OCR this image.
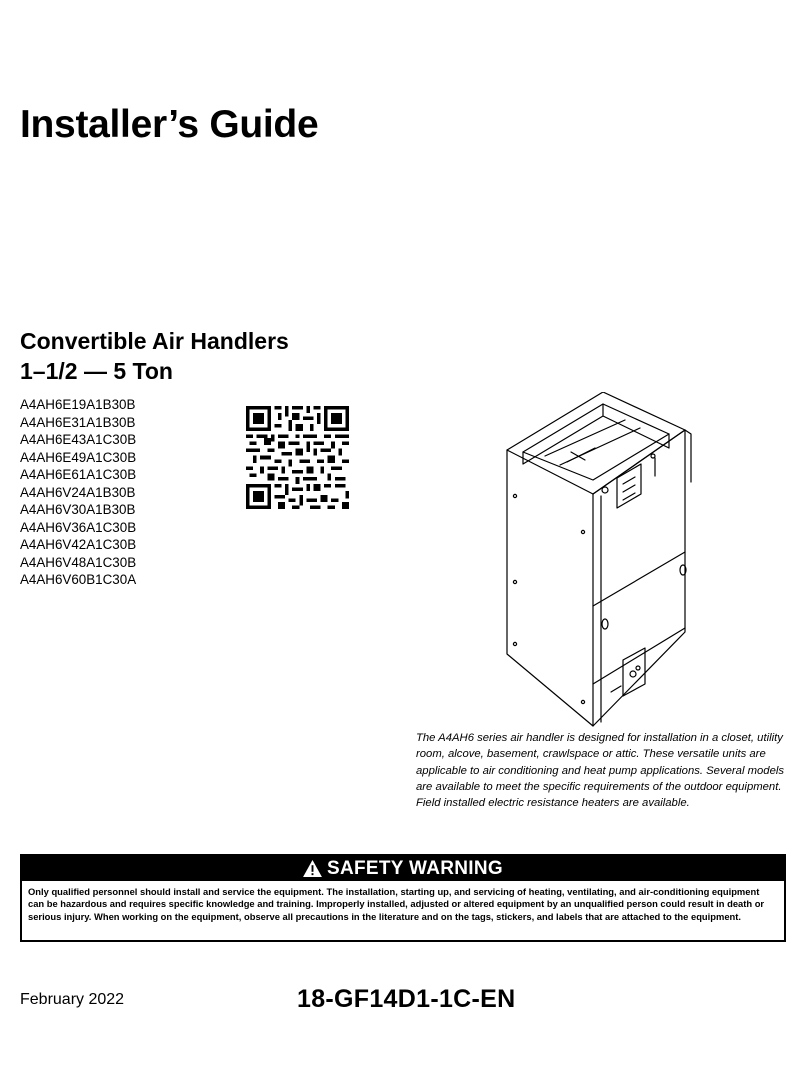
Installer’s Guide
Convertible Air Handlers
1–1/2 — 5 Ton
A4AH6E19A1B30B
A4AH6E31A1B30B
A4AH6E43A1C30B
A4AH6E49A1C30B
A4AH6E61A1C30B
A4AH6V24A1B30B
A4AH6V30A1B30B
A4AH6V36A1C30B
A4AH6V42A1C30B
A4AH6V48A1C30B
A4AH6V60B1C30A

The A4AH6 series air handler is designed for installation in a closet, utility room, alcove, basement, crawlspace or attic. These versatile units are applicable to air conditioning and heat pump applications. Several models are available to meet the specific requirements of the outdoor equipment. Field installed electric resistance heaters are available.

SAFETY WARNING

Only qualified personnel should install and service the equipment. The installation, starting up, and servicing of heating, ventilating, and air-conditioning equipment can be hazardous and requires specific knowledge and training. Improperly installed, adjusted or altered equipment by an unqualified person could result in death or serious injury. When working on the equipment, observe all precautions in the literature and on the tags, stickers, and labels that are attached to the equipment.

February 2022	18-GF14D1-1C-EN
